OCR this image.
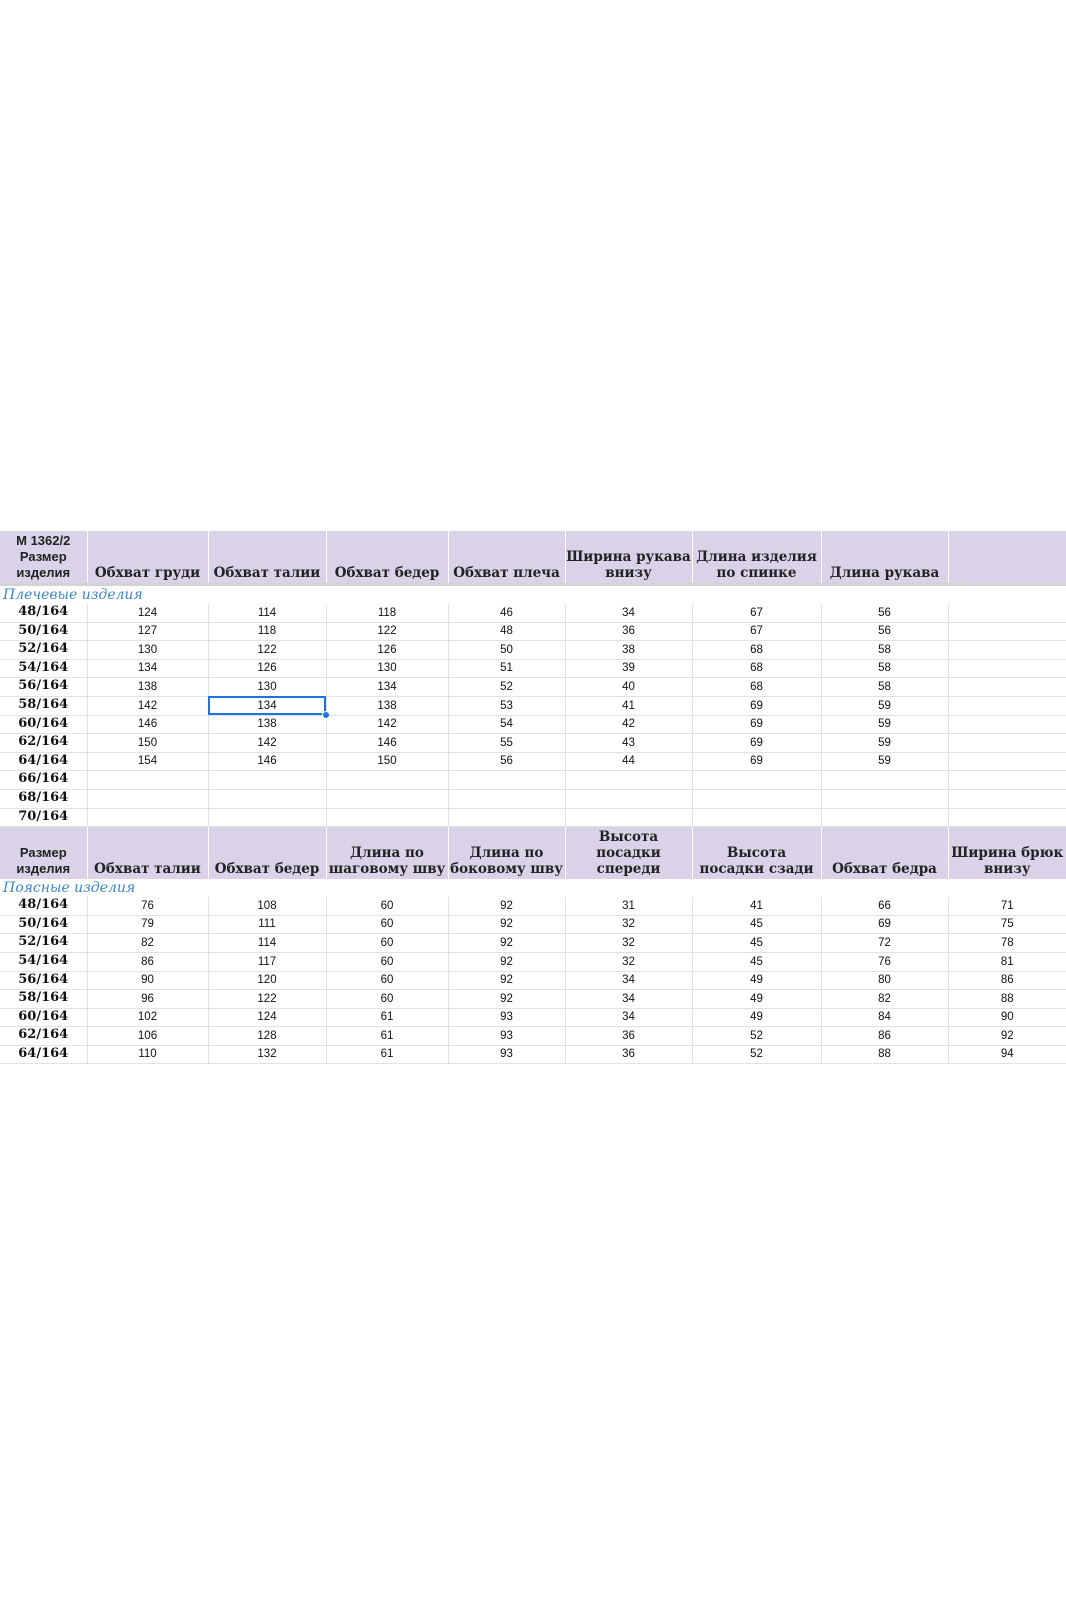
М 1362/2
Размер изделия	Обхват груди	Обхват талии	Обхват бедер	Обхват плеча	Ширина рукава внизу	Длина изделия по спинке	Длина рукава	
Плечевые изделия								
48/164	124	114	118	46	34	67	56	
50/164	127	118	122	48	36	67	56	
52/164	130	122	126	50	38	68	58	
54/164	134	126	130	51	39	68	58	
56/164	138	130	134	52	40	68	58	
58/164	142	134	138	53	41	69	59	
60/164	146	138	142	54	42	69	59	
62/164	150	142	146	55	43	69	59	
64/164	154	146	150	56	44	69	59	
66/164								
68/164								
70/164								

Размер изделия	Обхват талии	Обхват бедер	Длина по шаговому шву	Длина по боковому шву	Высота посадки спереди	Высота посадки сзади	Обхват бедра	Ширина брюк внизу
Поясные изделия								
48/164	76	108	60	92	31	41	66	71
50/164	79	111	60	92	32	45	69	75
52/164	82	114	60	92	32	45	72	78
54/164	86	117	60	92	32	45	76	81
56/164	90	120	60	92	34	49	80	86
58/164	96	122	60	92	34	49	82	88
60/164	102	124	61	93	34	49	84	90
62/164	106	128	61	93	36	52	86	92
64/164	110	132	61	93	36	52	88	94
